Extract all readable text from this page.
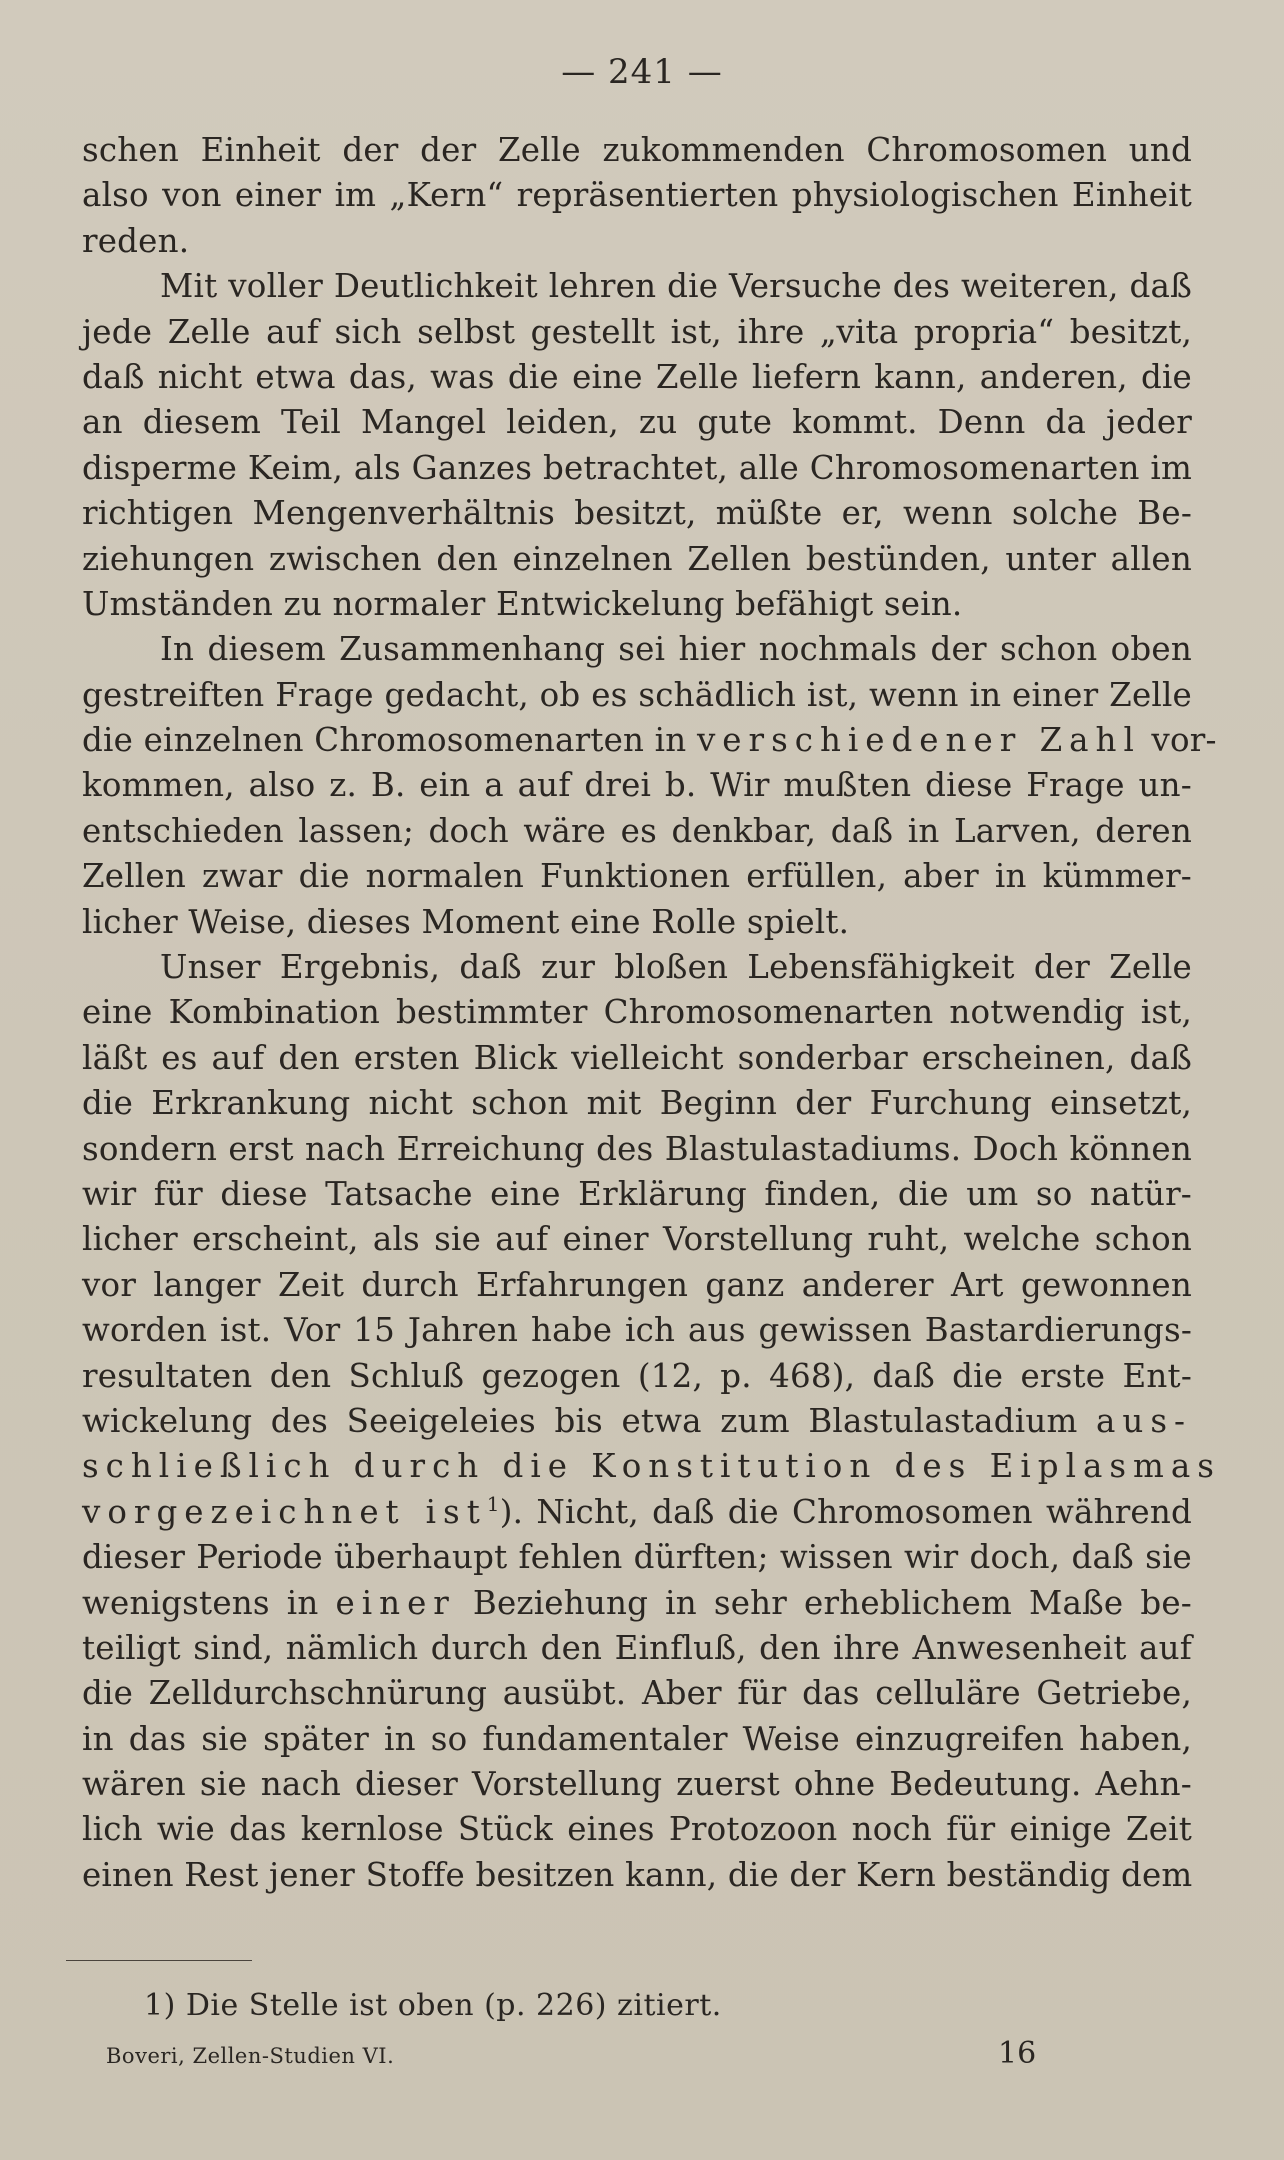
— 241 —
schen Einheit der der Zelle zukommenden Chromosomen und
also von einer im „Kern“ repräsentierten physiologischen Einheit
reden.
Mit voller Deutlichkeit lehren die Versuche des weiteren, daß
jede Zelle auf sich selbst gestellt ist, ihre „vita propria“ besitzt,
daß nicht etwa das, was die eine Zelle liefern kann, anderen, die
an diesem Teil Mangel leiden, zu gute kommt. Denn da jeder
disperme Keim, als Ganzes betrachtet, alle Chromosomenarten im
richtigen Mengenverhältnis besitzt, müßte er, wenn solche Be-
ziehungen zwischen den einzelnen Zellen bestünden, unter allen
Umständen zu normaler Entwickelung befähigt sein.
In diesem Zusammenhang sei hier nochmals der schon oben
gestreiften Frage gedacht, ob es schädlich ist, wenn in einer Zelle
die einzelnen Chromosomenarten in verschiedener Zahl vor-
kommen, also z. B. ein a auf drei b. Wir mußten diese Frage un-
entschieden lassen; doch wäre es denkbar, daß in Larven, deren
Zellen zwar die normalen Funktionen erfüllen, aber in kümmer-
licher Weise, dieses Moment eine Rolle spielt.
Unser Ergebnis, daß zur bloßen Lebensfähigkeit der Zelle
eine Kombination bestimmter Chromosomenarten notwendig ist,
läßt es auf den ersten Blick vielleicht sonderbar erscheinen, daß
die Erkrankung nicht schon mit Beginn der Furchung einsetzt,
sondern erst nach Erreichung des Blastulastadiums. Doch können
wir für diese Tatsache eine Erklärung finden, die um so natür-
licher erscheint, als sie auf einer Vorstellung ruht, welche schon
vor langer Zeit durch Erfahrungen ganz anderer Art gewonnen
worden ist. Vor 15 Jahren habe ich aus gewissen Bastardierungs-
resultaten den Schluß gezogen (12, p. 468), daß die erste Ent-
wickelung des Seeigeleies bis etwa zum Blastulastadium aus-
schließlich durch die Konstitution des Eiplasmas
vorgezeichnet ist$^1$). Nicht, daß die Chromosomen während
dieser Periode überhaupt fehlen dürften; wissen wir doch, daß sie
wenigstens in einer Beziehung in sehr erheblichem Maße be-
teiligt sind, nämlich durch den Einfluß, den ihre Anwesenheit auf
die Zelldurchschnürung ausübt. Aber für das celluläre Getriebe,
in das sie später in so fundamentaler Weise einzugreifen haben,
wären sie nach dieser Vorstellung zuerst ohne Bedeutung. Aehn-
lich wie das kernlose Stück eines Protozoon noch für einige Zeit
einen Rest jener Stoffe besitzen kann, die der Kern beständig dem
1) Die Stelle ist oben (p. 226) zitiert.
Boveri, Zellen-Studien VI.	16
